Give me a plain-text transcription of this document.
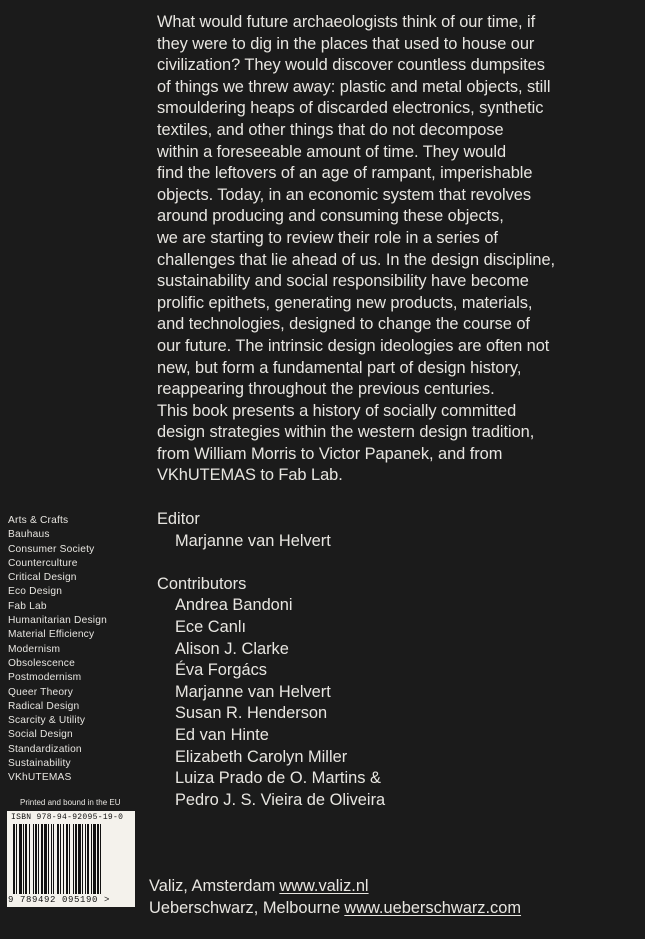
What would future archaeologists think of our time, if
they were to dig in the places that used to house our
civilization? They would discover countless dumpsites
of things we threw away: plastic and metal objects, still
smouldering heaps of discarded electronics, synthetic
textiles, and other things that do not decompose
within a foreseeable amount of time. They would
find the leftovers of an age of rampant, imperishable
objects. Today, in an economic system that revolves
around producing and consuming these objects,
we are starting to review their role in a series of
challenges that lie ahead of us. In the design discipline,
sustainability and social responsibility have become
prolific epithets, generating new products, materials,
and technologies, designed to change the course of
our future. The intrinsic design ideologies are often not
new, but form a fundamental part of design history,
reappearing throughout the previous centuries.
This book presents a history of socially committed
design strategies within the western design tradition,
from William Morris to Victor Papanek, and from
VKhUTEMAS to Fab Lab.
Editor
Marjanne van Helvert
Contributors
Andrea Bandoni
Ece Canlı
Alison J. Clarke
Éva Forgács
Marjanne van Helvert
Susan R. Henderson
Ed van Hinte
Elizabeth Carolyn Miller
Luiza Prado de O. Martins &
Pedro J. S. Vieira de Oliveira
Arts & Crafts
Bauhaus
Consumer Society
Counterculture
Critical Design
Eco Design
Fab Lab
Humanitarian Design
Material Efficiency
Modernism
Obsolescence
Postmodernism
Queer Theory
Radical Design
Scarcity & Utility
Social Design
Standardization
Sustainability
VKhUTEMAS
Printed and bound in the EU
ISBN 978-94-92095-19-0
9 789492 095190 >
Valiz, Amsterdam www.valiz.nl
Ueberschwarz, Melbourne www.ueberschwarz.com
